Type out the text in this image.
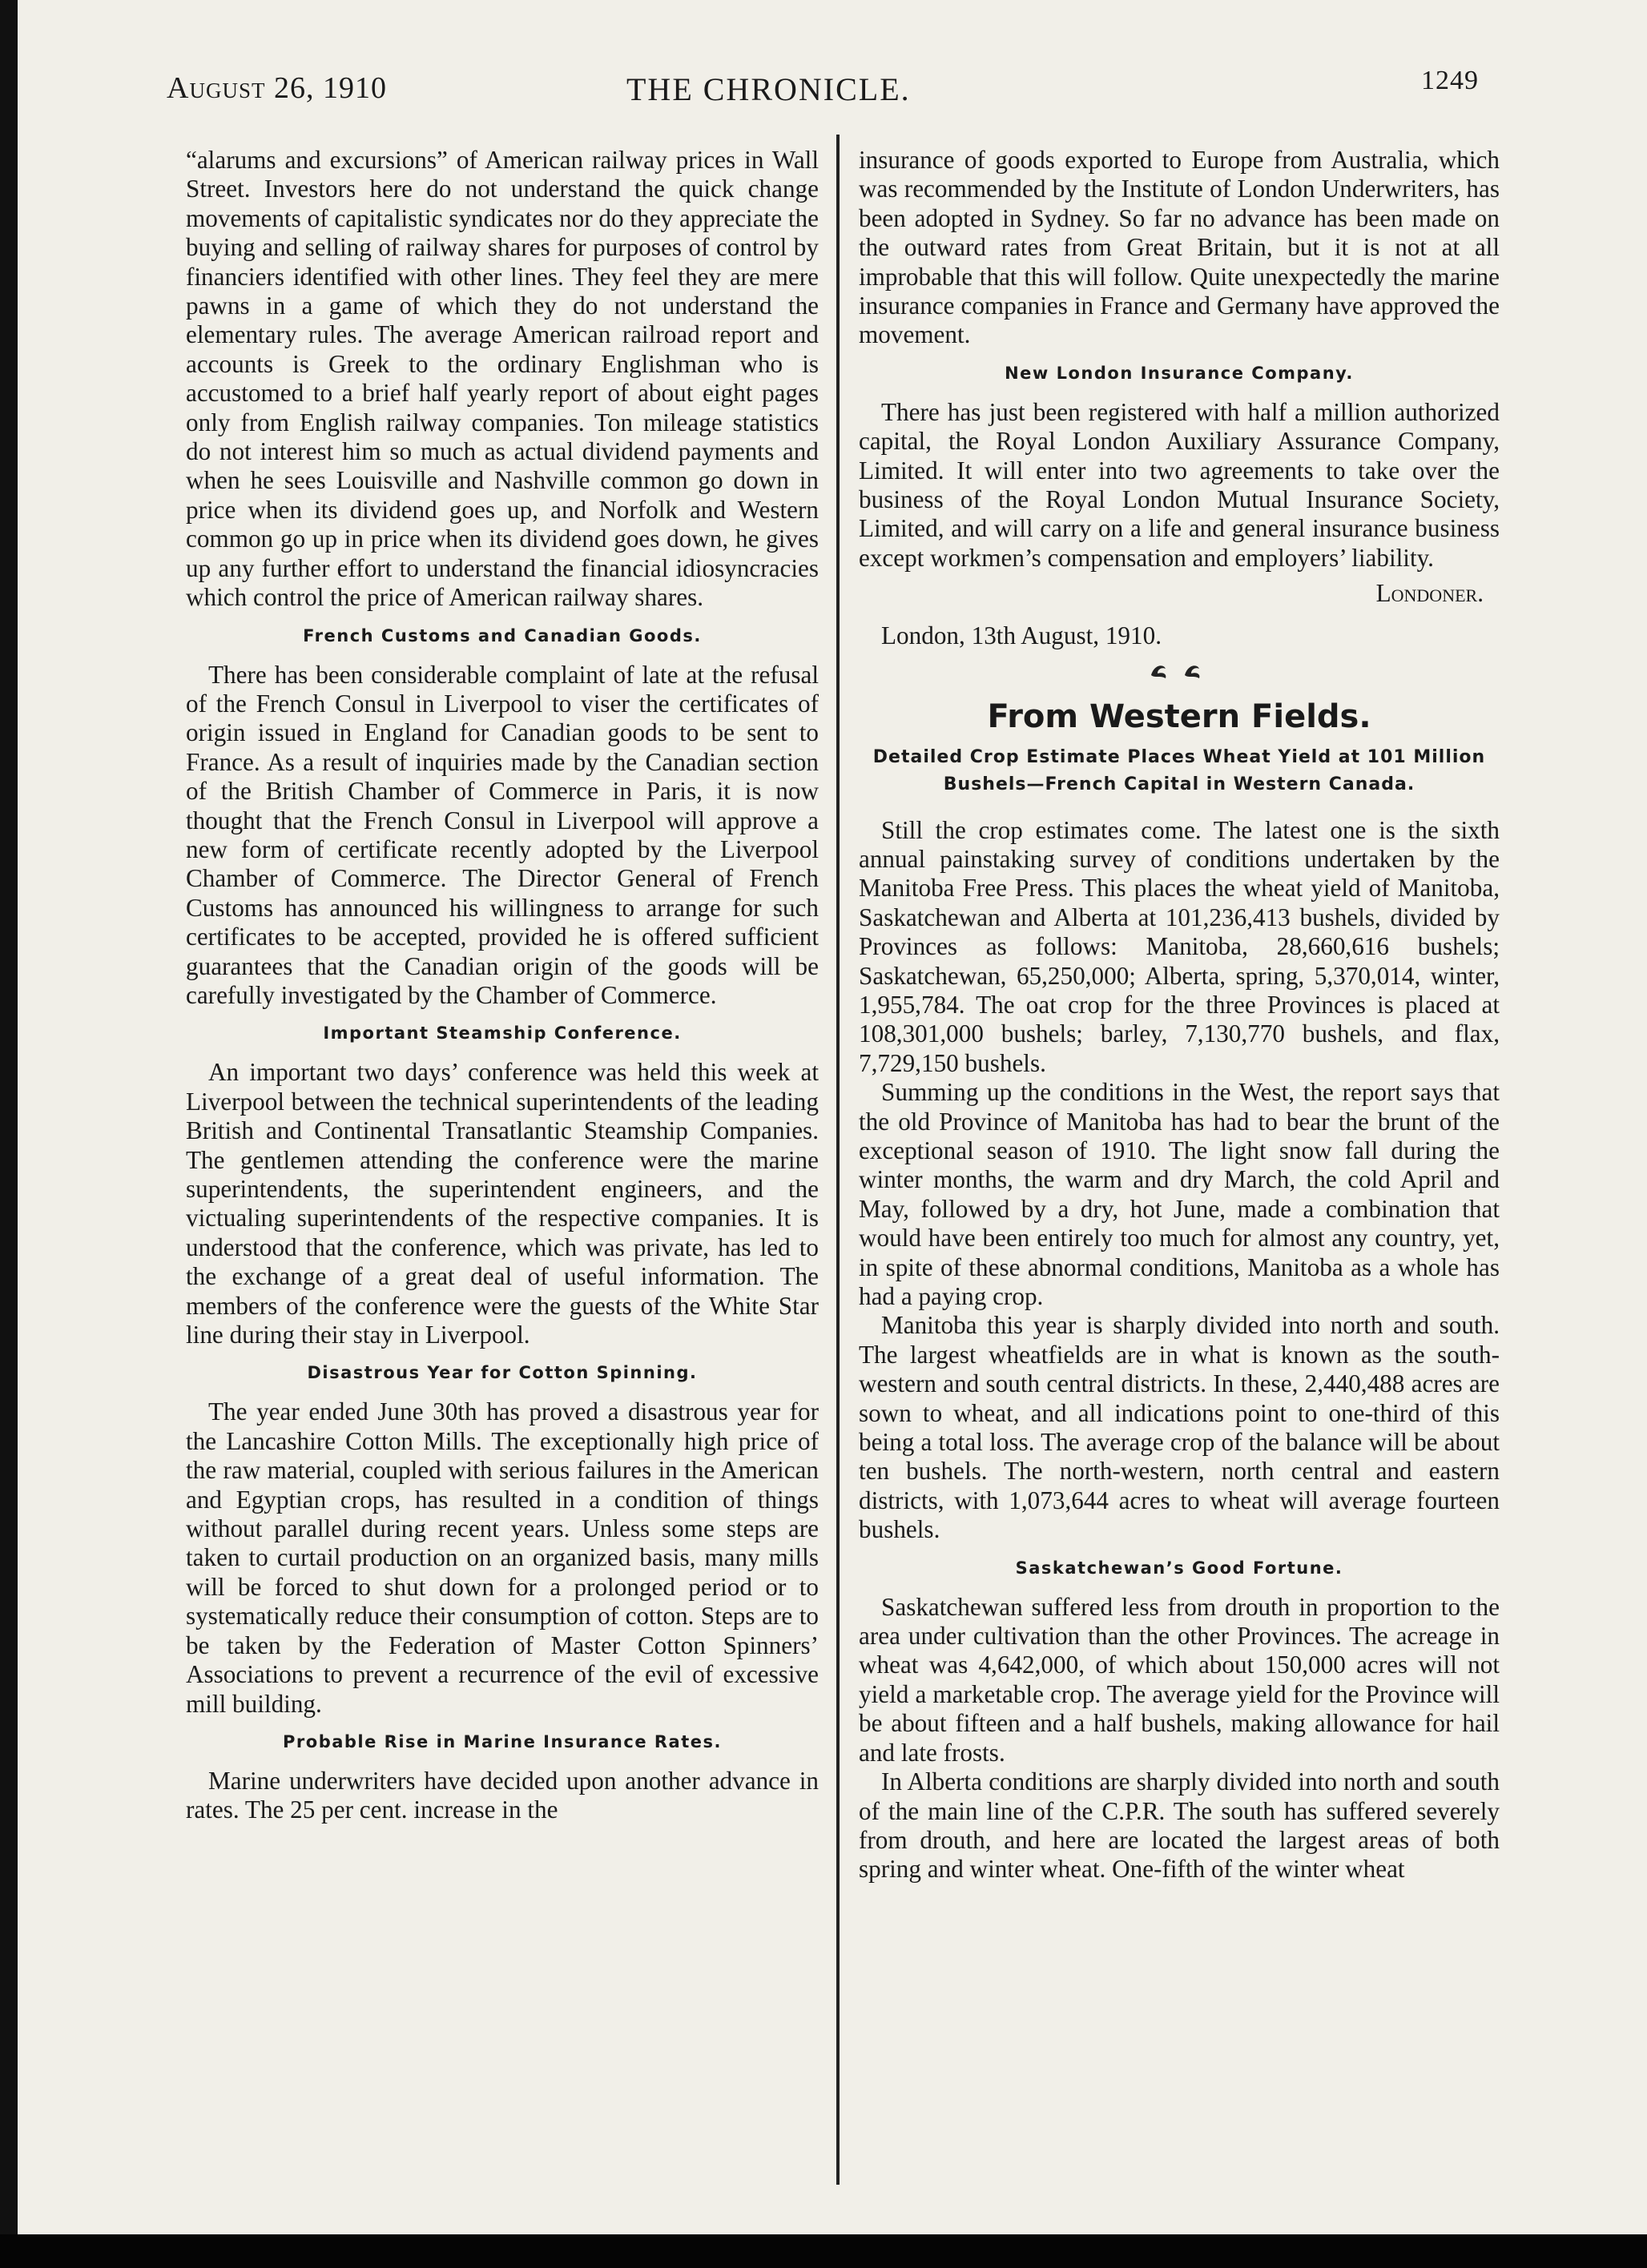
August 26, 1910	THE CHRONICLE.	1249

“alarums and excursions” of American railway prices in Wall Street. Investors here do not understand the quick change movements of capitalistic syndicates nor do they appreciate the buying and selling of railway shares for purposes of control by financiers identified with other lines. They feel they are mere pawns in a game of which they do not understand the elementary rules. The average American railroad report and accounts is Greek to the ordinary Englishman who is accustomed to a brief half yearly report of about eight pages only from English railway companies. Ton mileage statistics do not interest him so much as actual dividend payments and when he sees Louisville and Nashville common go down in price when its dividend goes up, and Norfolk and Western common go up in price when its dividend goes down, he gives up any further effort to understand the financial idiosyncracies which control the price of American railway shares.

French Customs and Canadian Goods.

There has been considerable complaint of late at the refusal of the French Consul in Liverpool to viser the certificates of origin issued in England for Canadian goods to be sent to France. As a result of inquiries made by the Canadian section of the British Chamber of Commerce in Paris, it is now thought that the French Consul in Liverpool will approve a new form of certificate recently adopted by the Liverpool Chamber of Commerce. The Director General of French Customs has announced his willingness to arrange for such certificates to be accepted, provided he is offered sufficient guarantees that the Canadian origin of the goods will be carefully investigated by the Chamber of Commerce.

Important Steamship Conference.

An important two days’ conference was held this week at Liverpool between the technical superintendents of the leading British and Continental Transatlantic Steamship Companies. The gentlemen attending the conference were the marine superintendents, the superintendent engineers, and the victualing superintendents of the respective companies. It is understood that the conference, which was private, has led to the exchange of a great deal of useful information. The members of the conference were the guests of the White Star line during their stay in Liverpool.

Disastrous Year for Cotton Spinning.

The year ended June 30th has proved a disastrous year for the Lancashire Cotton Mills. The exceptionally high price of the raw material, coupled with serious failures in the American and Egyptian crops, has resulted in a condition of things without parallel during recent years. Unless some steps are taken to curtail production on an organized basis, many mills will be forced to shut down for a prolonged period or to systematically reduce their consumption of cotton. Steps are to be taken by the Federation of Master Cotton Spinners’ Associations to prevent a recurrence of the evil of excessive mill building.

Probable Rise in Marine Insurance Rates.

Marine underwriters have decided upon another advance in rates. The 25 per cent. increase in the

insurance of goods exported to Europe from Australia, which was recommended by the Institute of London Underwriters, has been adopted in Sydney. So far no advance has been made on the outward rates from Great Britain, but it is not at all improbable that this will follow. Quite unexpectedly the marine insurance companies in France and Germany have approved the movement.

New London Insurance Company.

There has just been registered with half a million authorized capital, the Royal London Auxiliary Assurance Company, Limited. It will enter into two agreements to take over the business of the Royal London Mutual Insurance Society, Limited, and will carry on a life and general insurance business except workmen’s compensation and employers’ liability.

Londoner.
London, 13th August, 1910.
From Western Fields.
Detailed Crop Estimate Places Wheat Yield at 101 Million Bushels—French Capital in Western Canada.

Still the crop estimates come. The latest one is the sixth annual painstaking survey of conditions undertaken by the Manitoba Free Press. This places the wheat yield of Manitoba, Saskatchewan and Alberta at 101,236,413 bushels, divided by Provinces as follows: Manitoba, 28,660,616 bushels; Saskatchewan, 65,250,000; Alberta, spring, 5,370,014, winter, 1,955,784. The oat crop for the three Provinces is placed at 108,301,000 bushels; barley, 7,130,770 bushels, and flax, 7,729,150 bushels.

Summing up the conditions in the West, the report says that the old Province of Manitoba has had to bear the brunt of the exceptional season of 1910. The light snow fall during the winter months, the warm and dry March, the cold April and May, followed by a dry, hot June, made a combination that would have been entirely too much for almost any country, yet, in spite of these abnormal conditions, Manitoba as a whole has had a paying crop.

Manitoba this year is sharply divided into north and south. The largest wheatfields are in what is known as the south-western and south central districts. In these, 2,440,488 acres are sown to wheat, and all indications point to one-third of this being a total loss. The average crop of the balance will be about ten bushels. The north-western, north central and eastern districts, with 1,073,644 acres to wheat will average fourteen bushels.

Saskatchewan’s Good Fortune.

Saskatchewan suffered less from drouth in proportion to the area under cultivation than the other Provinces. The acreage in wheat was 4,642,000, of which about 150,000 acres will not yield a marketable crop. The average yield for the Province will be about fifteen and a half bushels, making allowance for hail and late frosts.

In Alberta conditions are sharply divided into north and south of the main line of the C.P.R. The south has suffered severely from drouth, and here are located the largest areas of both spring and winter wheat. One-fifth of the winter wheat
